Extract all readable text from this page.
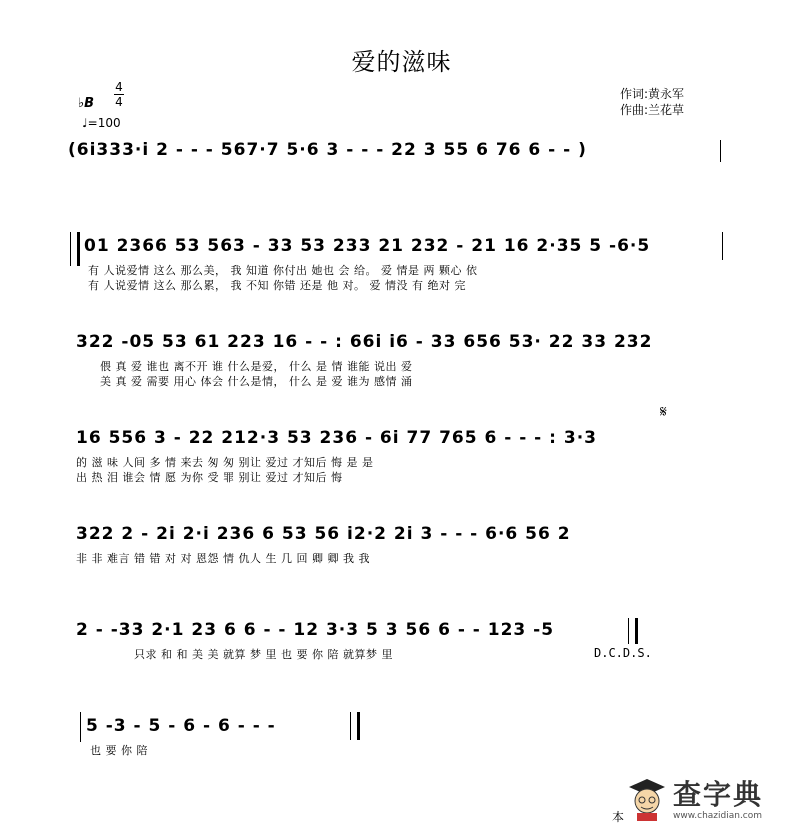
爱的滋味
作词:黄永军
作曲:兰花草
4
4
♭B
♩=100
(6i333·i 2 - - - 567·7 5·6 3 - - - 22 3 55 6 76 6 - - )
01 2366 53 563 - 33 53 233 21 232 - 21 16 2·35 5 -6·5
有 人说爱情 这么 那么美， 我 知道 你付出 她也 会 给。 爱 情是 两 颗心 依
有 人说爱情 这么 那么累， 我 不知 你错 还是 他 对。 爱 情没 有 绝对 完
322 -05 53 61 223 16 - - : 66i i6 - 33 656 53· 22 33 232
偎 真 爱 谁也 离不开 谁 什么是爱， 什么 是 情 谁能 说出 爱
美 真 爱 需要 用心 体会 什么是情， 什么 是 爱 谁为 感情 涌
16 556 3 - 22 212·3 53 236 - 6i 77 765 6 - - - : 3·3
𝄋
的 滋 味 人间 多 情 来去 匆 匆 别让 爱过 才知后 悔 是 是
出 热 泪 谁会 情 愿 为你 受 罪 别让 爱过 才知后 悔
322 2 - 2i 2·i 236 6 53 56 i2·2 2i 3 - - - 6·6 56 2
非 非 难言 错 错 对 对 恩怨 情 仇人 生 几 回 卿 卿 我 我
2 - -33 2·1 23 6 6 - - 12 3·3 5 3 56 6 - - 123 -5
只求 和 和 美 美 就算 梦 里 也 要 你 陪 就算梦 里	D.C.D.S.
5 -3 - 5 - 6 - 6 - - -
也 要 你 陪
本
查字典
www.chazidian.com
